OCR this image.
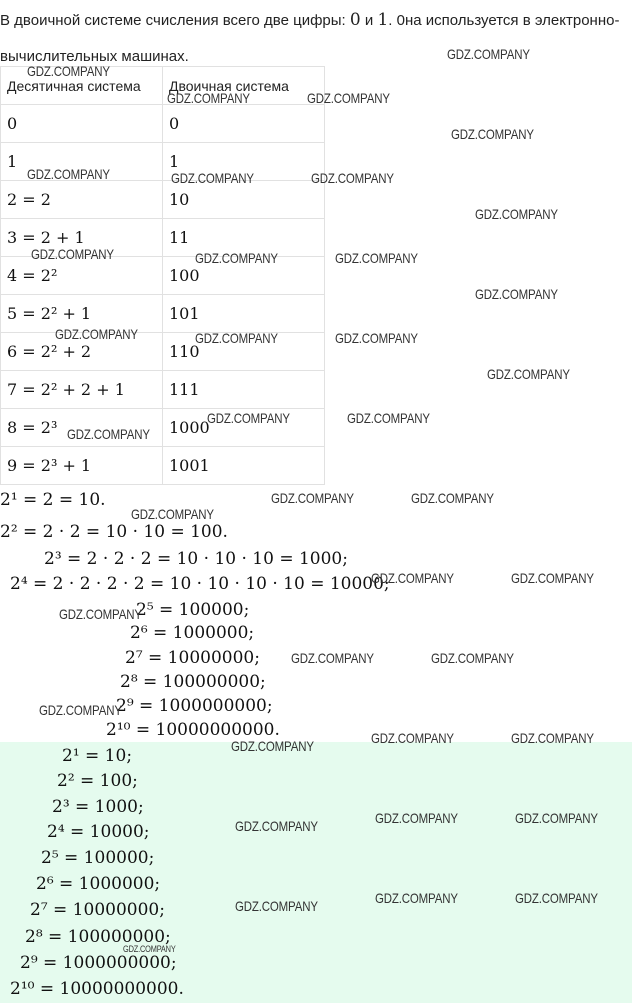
В двоичной системе счисления всего две цифры: 0 и 1. 0на используется в электронно-вычислительных машинах.
Десятичная система	Двоичная система
0	0
1	1
2 = 2	10
3 = 2 + 1	11
4 = 2²	100
5 = 2² + 1	101
6 = 2² + 2	110
7 = 2² + 2 + 1	111
8 = 2³	1000
9 = 2³ + 1	1001
2¹ = 2 = 10.
2² = 2 · 2 = 10 · 10 = 100.
2³ = 2 · 2 · 2 = 10 · 10 · 10 = 1000;
2⁴ = 2 · 2 · 2 · 2 = 10 · 10 · 10 · 10 = 10000;
2⁵ = 100000;
2⁶ = 1000000;
2⁷ = 10000000;
2⁸ = 100000000;
2⁹ = 1000000000;
2¹⁰ = 10000000000.
2¹ = 10;
2² = 100;
2³ = 1000;
2⁴ = 10000;
2⁵ = 100000;
2⁶ = 1000000;
2⁷ = 10000000;
2⁸ = 100000000;
2⁹ = 1000000000;
2¹⁰ = 10000000000.
GDZ.COMPANY
GDZ.COMPANY
GDZ.COMPANY	GDZ.COMPANY
GDZ.COMPANY
GDZ.COMPANY	GDZ.COMPANY	GDZ.COMPANY
GDZ.COMPANY
GDZ.COMPANY	GDZ.COMPANY	GDZ.COMPANY
GDZ.COMPANY
GDZ.COMPANY	GDZ.COMPANY	GDZ.COMPANY
GDZ.COMPANY
GDZ.COMPANY	GDZ.COMPANY
GDZ.COMPANY
GDZ.COMPANY	GDZ.COMPANY
GDZ.COMPANY
GDZ.COMPANY	GDZ.COMPANY
GDZ.COMPANY
GDZ.COMPANY	GDZ.COMPANY
GDZ.COMPANY
GDZ.COMPANY	GDZ.COMPANY	GDZ.COMPANY
GDZ.COMPANY	GDZ.COMPANY	GDZ.COMPANY
GDZ.COMPANY	GDZ.COMPANY
GDZ.COMPANY
GDZ.COMPANY
